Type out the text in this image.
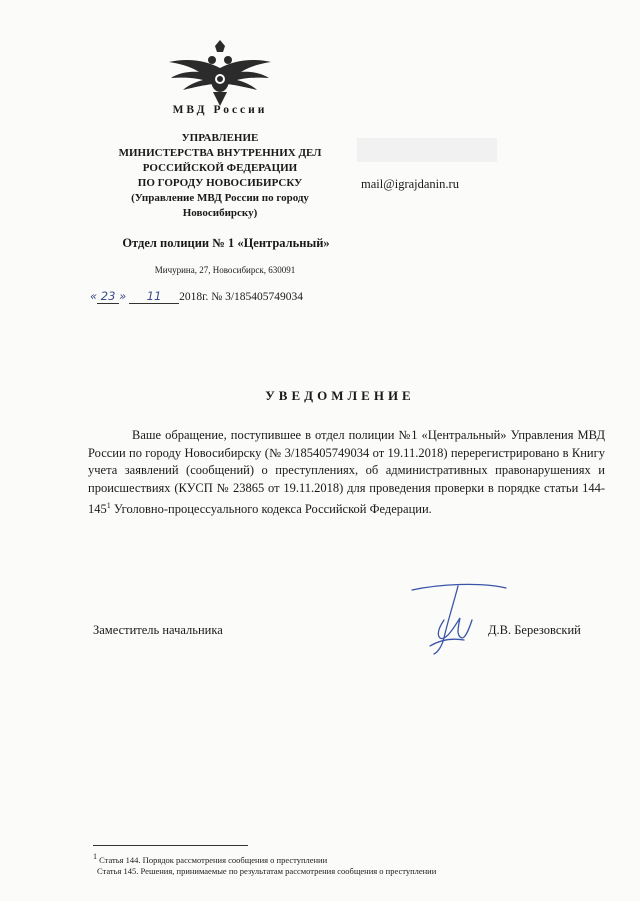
МВД России
УПРАВЛЕНИЕ
МИНИСТЕРСТВА ВНУТРЕННИХ ДЕЛ
РОССИЙСКОЙ ФЕДЕРАЦИИ
ПО ГОРОДУ НОВОСИБИРСКУ
(Управление МВД России по городу
Новосибирску)
mail@igrajdanin.ru
Отдел полиции № 1 «Центральный»
Мичурина, 27, Новосибирск, 630091
« 23 » 11 2018г. № 3/185405749034
УВЕДОМЛЕНИЕ

Ваше обращение, поступившее в отдел полиции №1 «Центральный» Управления МВД России по городу Новосибирску (№ 3/185405749034 от 19.11.2018) перерегистрировано в Книгу учета заявлений (сообщений) о преступлениях, об административных правонарушениях и происшествиях (КУСП № 23865 от 19.11.2018) для проведения проверки в порядке статьи $144-145^1$ Уголовно-процессуального кодекса Российской Федерации.

Заместитель начальника	Д.В. Березовский
1 Статья 144. Порядок рассмотрения сообщения о преступлении
Статья 145. Решения, принимаемые по результатам рассмотрения сообщения о преступлении
